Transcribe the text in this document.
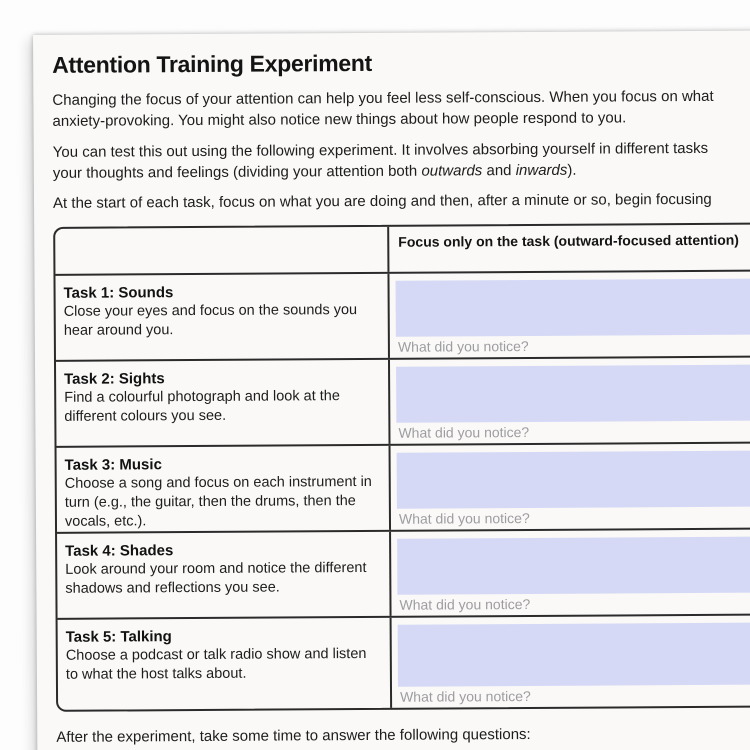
Attention Training Experiment
Changing the focus of your attention can help you feel less self-conscious. When you focus on what
anxiety-provoking. You might also notice new things about how people respond to you.
You can test this out using the following experiment. It involves absorbing yourself in different tasks
your thoughts and feelings (dividing your attention both outwards and inwards).
At the start of each task, focus on what you are doing and then, after a minute or so, begin focusing
Focus only on the task (outward-focused attention)
Task 1: Sounds
Close your eyes and focus on the sounds you hear around you.
What did you notice?
Task 2: Sights
Find a colourful photograph and look at the different colours you see.
What did you notice?
Task 3: Music
Choose a song and focus on each instrument in turn (e.g., the guitar, then the drums, then the vocals, etc.).	What did you notice?
Task 4: Shades
Look around your room and notice the different shadows and reflections you see.
What did you notice?
Task 5: Talking
Choose a podcast or talk radio show and listen to what the host talks about.
What did you notice?
After the experiment, take some time to answer the following questions:
